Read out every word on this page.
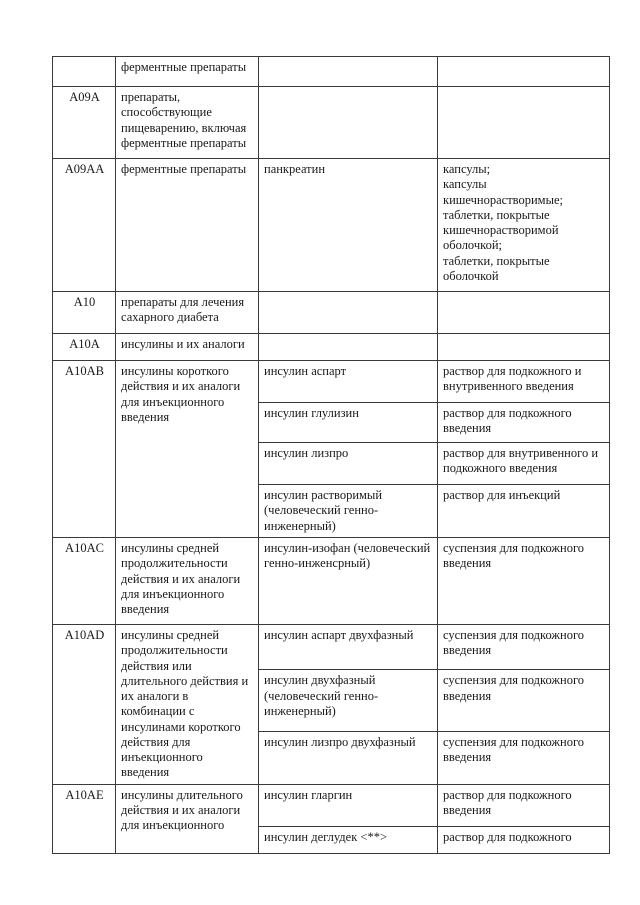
	ферментные препараты		
A09A	препараты, способствующие пищеварению, включая ферментные препараты		
A09AA	ферментные препараты	панкреатин	капсулы;
капсулы кишечнорастворимые;
таблетки, покрытые кишечнорастворимой оболочкой;
таблетки, покрытые оболочкой
A10	препараты для лечения сахарного диабета		
A10A	инсулины и их аналоги		
A10AB	инсулины короткого действия и их аналоги для инъекционного введения	инсулин аспарт	раствор для подкожного и внутривенного введения
		инсулин глулизин	раствор для подкожного введения
		инсулин лизпро	раствор для внутривенного и подкожного введения
		инсулин растворимый (человеческий генно-инженерный)	раствор для инъекций
A10AC	инсулины средней продолжительности действия и их аналоги для инъекционного введения	инсулин-изофан (человеческий генно-инженсрный)	суспензия для подкожного введения
A10AD	инсулины средней продолжительности действия или длительного действия и их аналоги в комбинации с инсулинами короткого действия для инъекционного введения	инсулин аспарт двухфазный	суспензия для подкожного введения
		инсулин двухфазный (человеческий генно-инженерный)	суспензия для подкожного введения
		инсулин лизпро двухфазный	суспензия для подкожного введения
A10AE	инсулины длительного действия и их аналоги для инъекционного	инсулин гларгин	раствор для подкожного введения
		инсулин деглудек <**>	раствор для подкожного
